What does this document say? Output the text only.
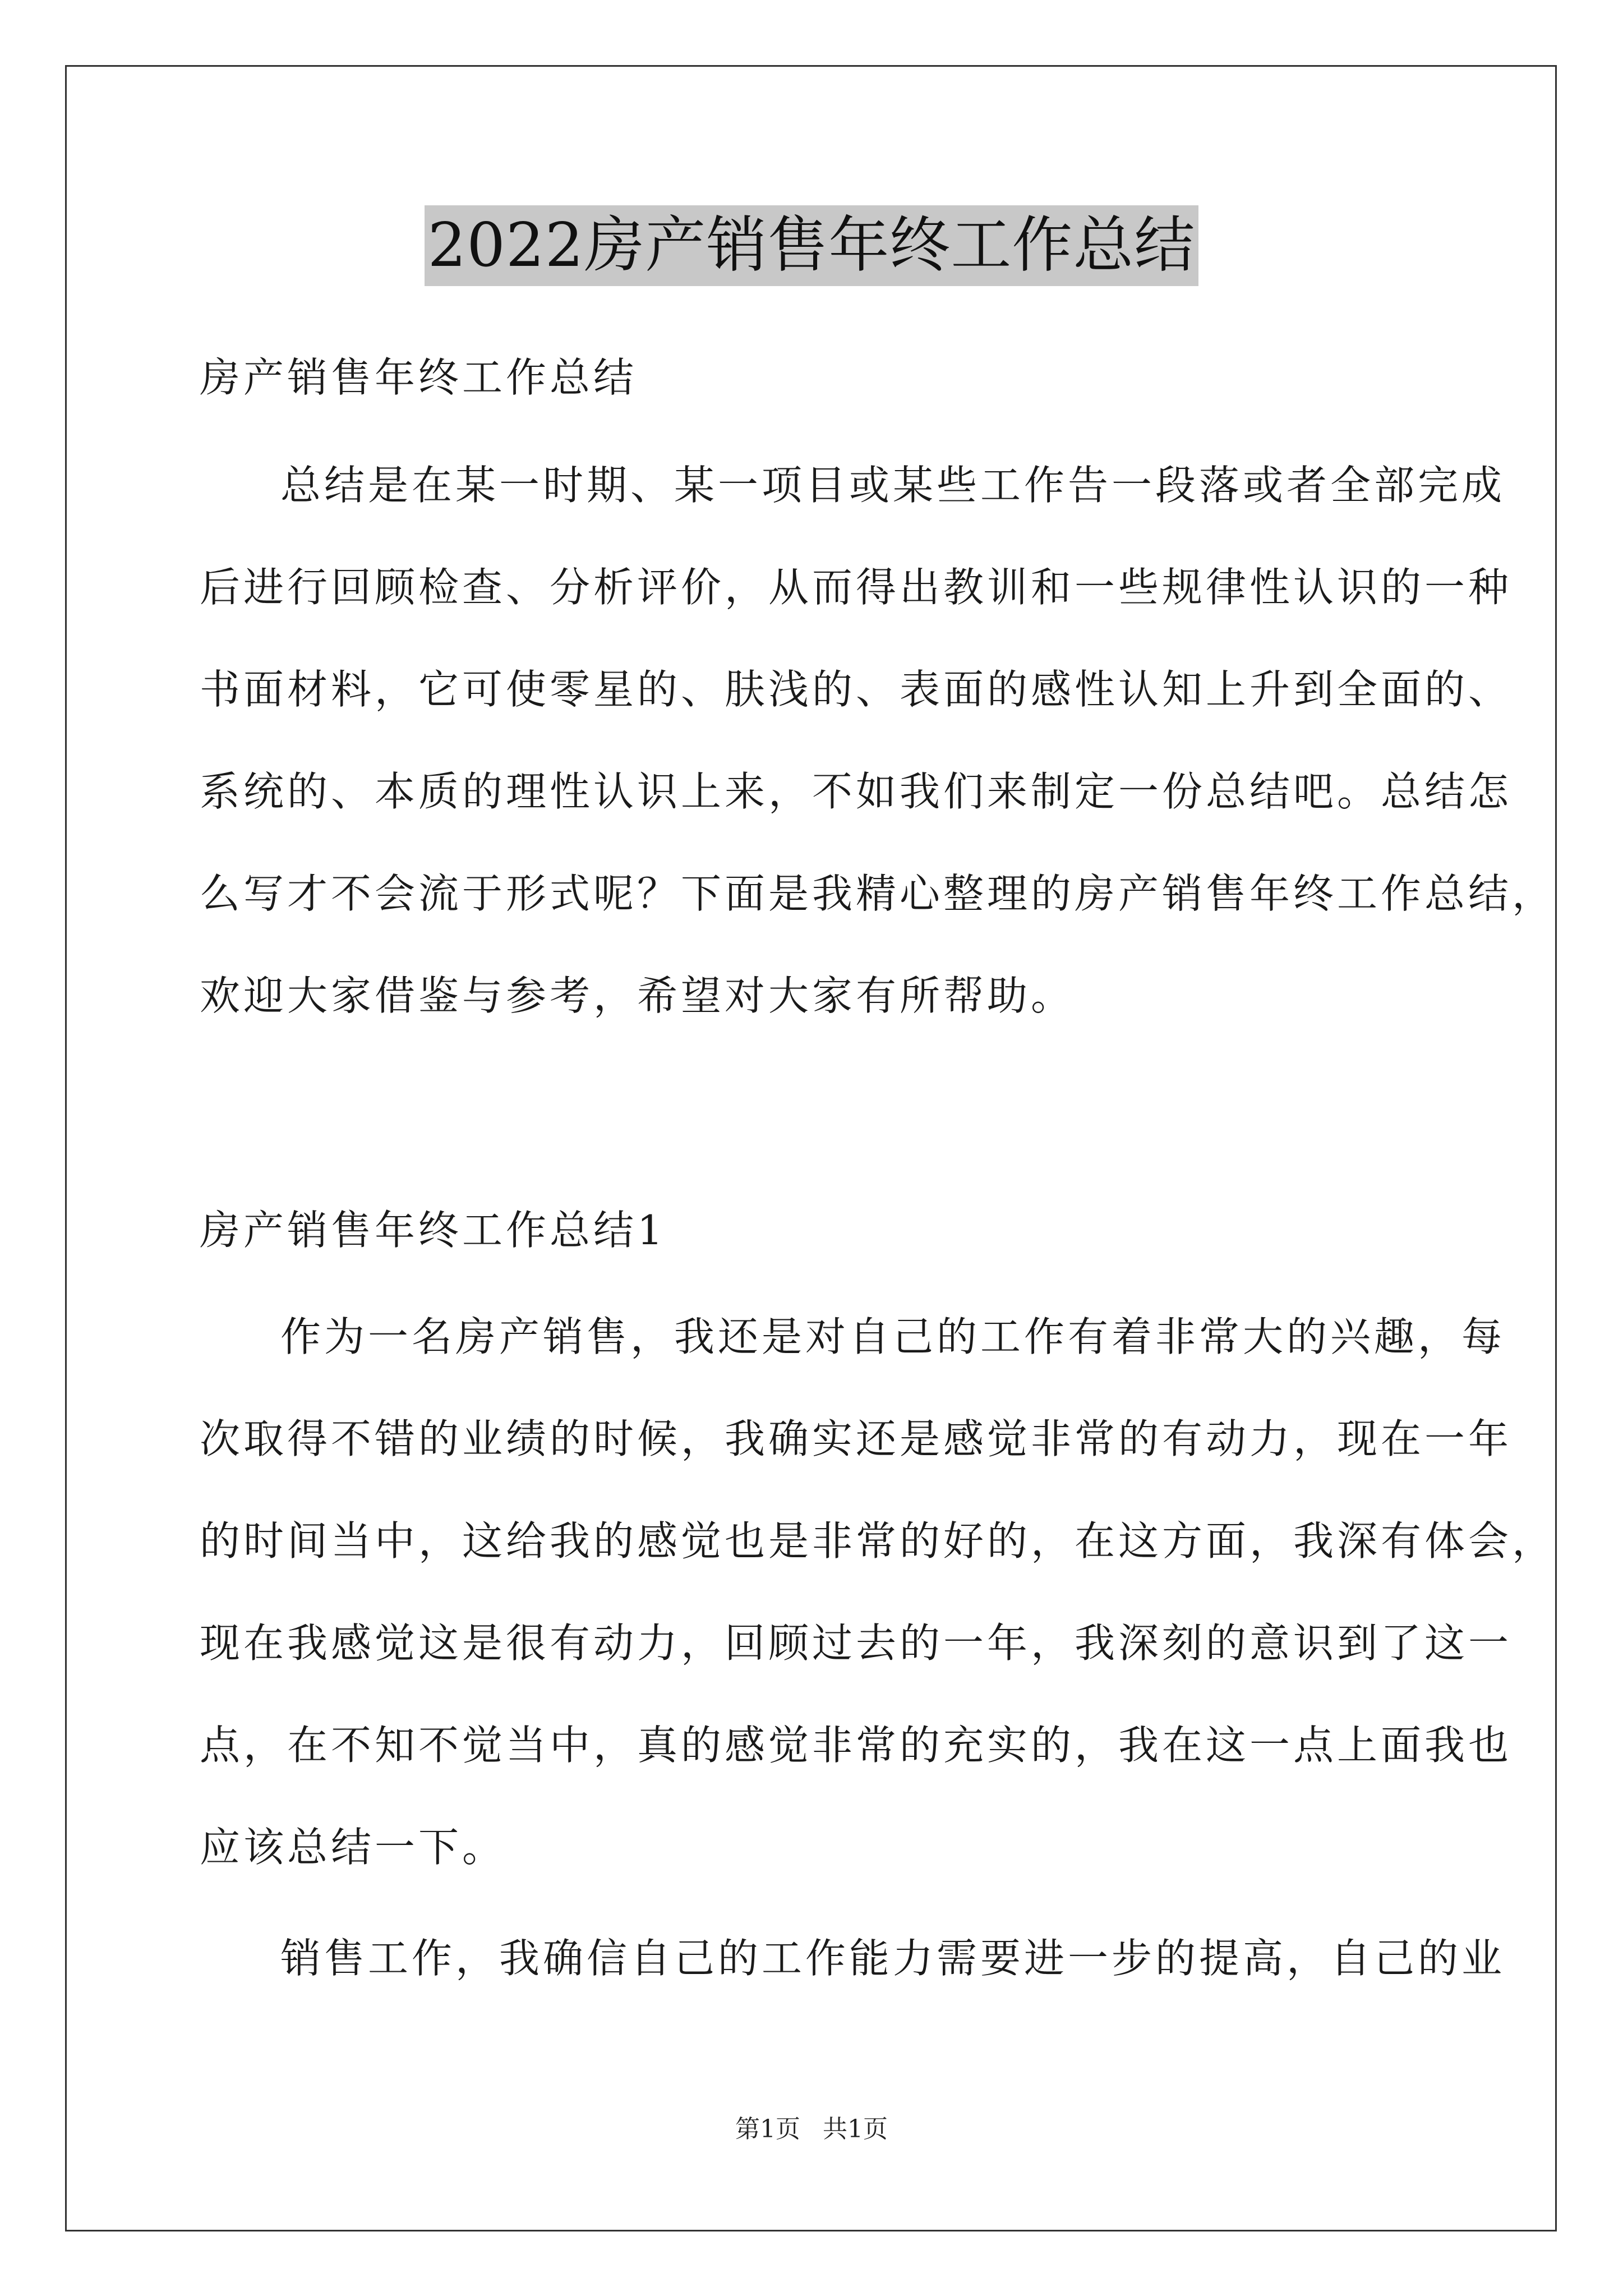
2022房产销售年终工作总结
房产销售年终工作总结
总结是在某一时期、某一项目或某些工作告一段落或者全部完成
后进行回顾检查、分析评价，从而得出教训和一些规律性认识的一种
书面材料，它可使零星的、肤浅的、表面的感性认知上升到全面的、
系统的、本质的理性认识上来，不如我们来制定一份总结吧。总结怎
么写才不会流于形式呢？下面是我精心整理的房产销售年终工作总结，
欢迎大家借鉴与参考，希望对大家有所帮助。
房产销售年终工作总结1
作为一名房产销售，我还是对自己的工作有着非常大的兴趣，每
次取得不错的业绩的时候，我确实还是感觉非常的有动力，现在一年
的时间当中，这给我的感觉也是非常的好的，在这方面，我深有体会，
现在我感觉这是很有动力，回顾过去的一年，我深刻的意识到了这一
点，在不知不觉当中，真的感觉非常的充实的，我在这一点上面我也
应该总结一下。
销售工作，我确信自己的工作能力需要进一步的提高，自己的业
第1页 共1页
